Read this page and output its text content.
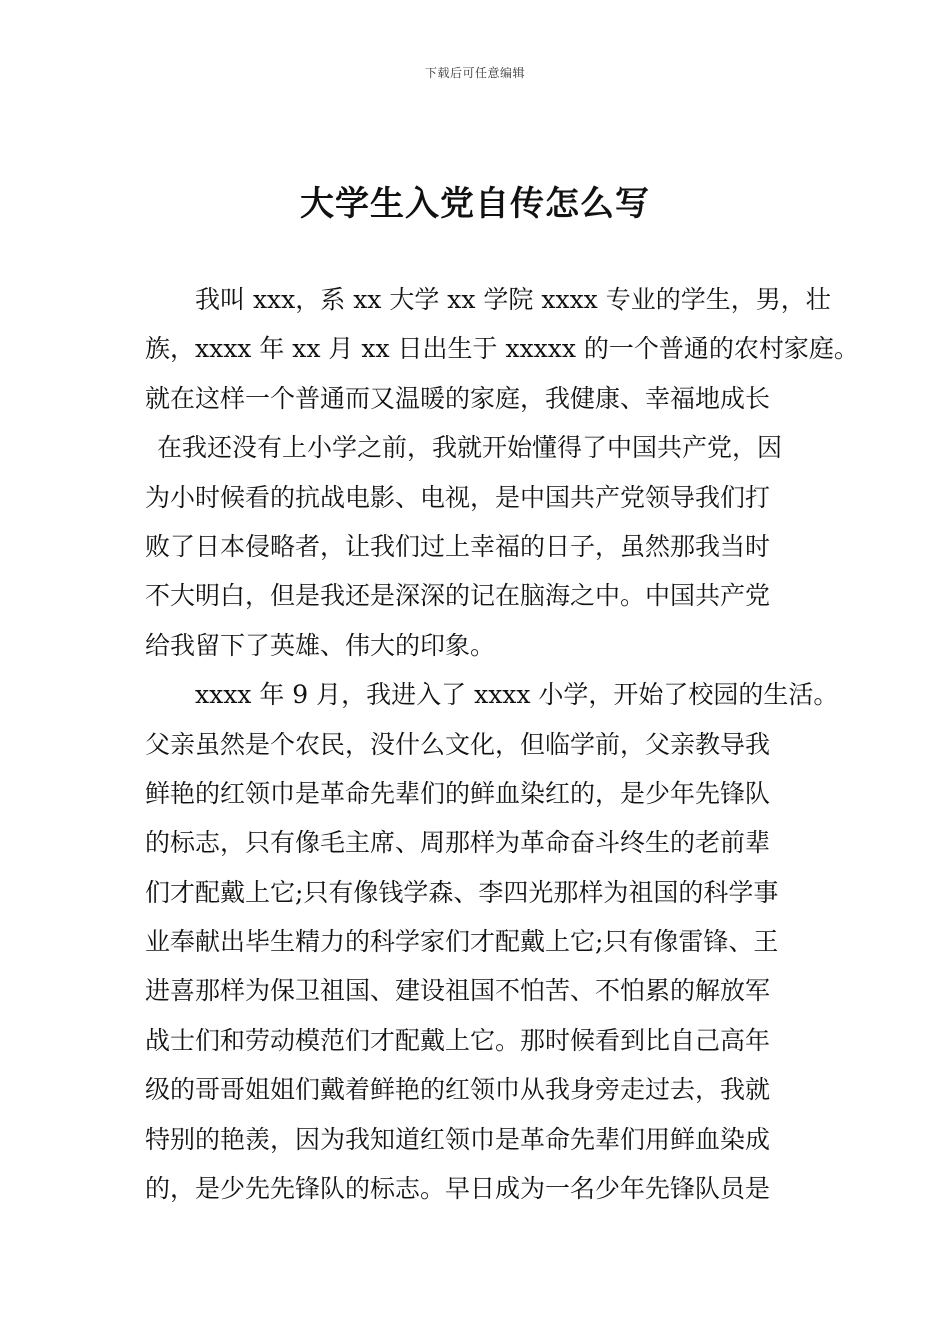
下载后可任意编辑
大学生入党自传怎么写
我叫 xxx，系 xx 大学 xx 学院 xxxx 专业的学生，男，壮
族，xxxx 年 xx 月 xx 日出生于 xxxxx 的一个普通的农村家庭。
就在这样一个普通而又温暖的家庭，我健康、幸福地成长
在我还没有上小学之前，我就开始懂得了中国共产党，因
为小时候看的抗战电影、电视，是中国共产党领导我们打
败了日本侵略者，让我们过上幸福的日子，虽然那我当时
不大明白，但是我还是深深的记在脑海之中。中国共产党
给我留下了英雄、伟大的印象。
xxxx 年 9 月，我进入了 xxxx 小学，开始了校园的生活。
父亲虽然是个农民，没什么文化，但临学前，父亲教导我
鲜艳的红领巾是革命先辈们的鲜血染红的，是少年先锋队
的标志，只有像毛主席、周那样为革命奋斗终生的老前辈
们才配戴上它;只有像钱学森、李四光那样为祖国的科学事
业奉献出毕生精力的科学家们才配戴上它;只有像雷锋、王
进喜那样为保卫祖国、建设祖国不怕苦、不怕累的解放军
战士们和劳动模范们才配戴上它。那时候看到比自己高年
级的哥哥姐姐们戴着鲜艳的红领巾从我身旁走过去，我就
特别的艳羡，因为我知道红领巾是革命先辈们用鲜血染成
的，是少先先锋队的标志。早日成为一名少年先锋队员是
